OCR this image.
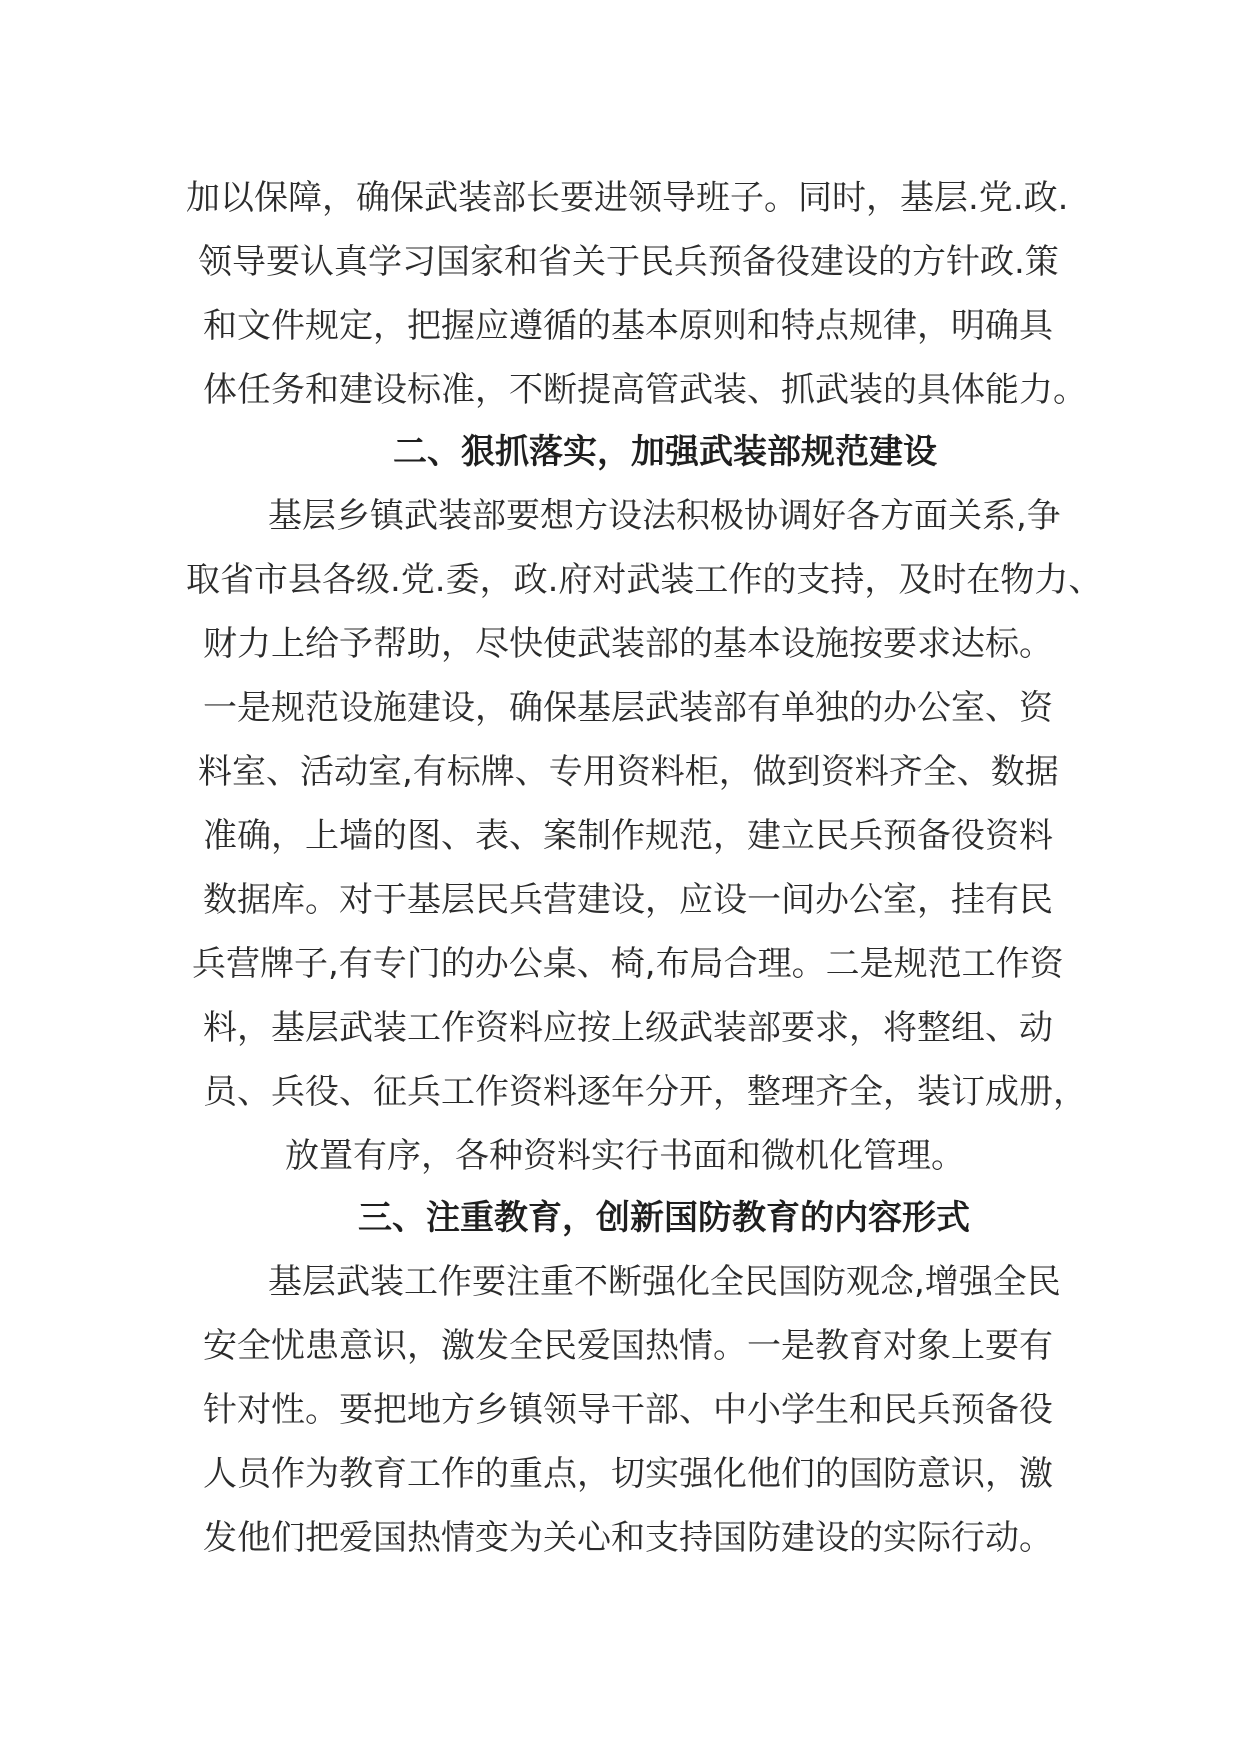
加以保障，确保武装部长要进领导班子。同时，基层.党.政.
领导要认真学习国家和省关于民兵预备役建设的方针政.策
和文件规定，把握应遵循的基本原则和特点规律，明确具
体任务和建设标准，不断提高管武装、抓武装的具体能力。
二、狠抓落实，加强武装部规范建设
基层乡镇武装部要想方设法积极协调好各方面关系,争
取省市县各级.党.委，政.府对武装工作的支持，及时在物力、
财力上给予帮助，尽快使武装部的基本设施按要求达标。
一是规范设施建设，确保基层武装部有单独的办公室、资
料室、活动室,有标牌、专用资料柜，做到资料齐全、数据
准确，上墙的图、表、案制作规范，建立民兵预备役资料
数据库。对于基层民兵营建设，应设一间办公室，挂有民
兵营牌子,有专门的办公桌、椅,布局合理。二是规范工作资
料，基层武装工作资料应按上级武装部要求，将整组、动
员、兵役、征兵工作资料逐年分开，整理齐全，装订成册，
放置有序，各种资料实行书面和微机化管理。
三、注重教育，创新国防教育的内容形式
基层武装工作要注重不断强化全民国防观念,增强全民
安全忧患意识，激发全民爱国热情。一是教育对象上要有
针对性。要把地方乡镇领导干部、中小学生和民兵预备役
人员作为教育工作的重点，切实强化他们的国防意识，激
发他们把爱国热情变为关心和支持国防建设的实际行动。
